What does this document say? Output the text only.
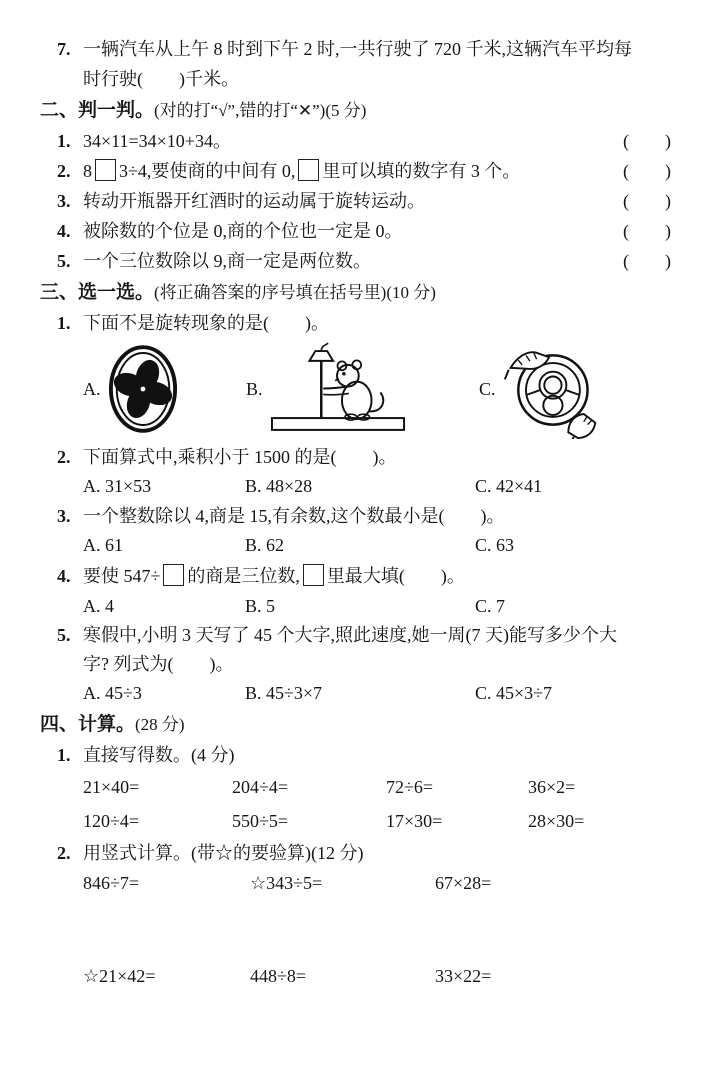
7. 一辆汽车从上午 8 时到下午 2 时,一共行驶了 720 千米,这辆汽车平均每
时行驶(　　)千米。
二、判一判。(对的打“√”,错的打“✕”)(5 分)
1. 34×11=34×10+34。	(　　)
2. 8 3÷4,要使商的中间有 0, 里可以填的数字有 3 个。	(　　)
3. 转动开瓶器开红酒时的运动属于旋转运动。	(　　)
4. 被除数的个位是 0,商的个位也一定是 0。	(　　)
5. 一个三位数除以 9,商一定是两位数。	(　　)
三、选一选。(将正确答案的序号填在括号里)(10 分)
1. 下面不是旋转现象的是(　　)。
A.	B.	C.
2. 下面算式中,乘积小于 1500 的是(　　)。
A. 31×53	B. 48×28	C. 42×41
3. 一个整数除以 4,商是 15,有余数,这个数最小是(　　)。
A. 61	B. 62	C. 63
4. 要使 547÷ 的商是三位数, 里最大填(　　)。
A. 4	B. 5	C. 7
5. 寒假中,小明 3 天写了 45 个大字,照此速度,她一周(7 天)能写多少个大
字? 列式为(　　)。
A. 45÷3	B. 45÷3×7	C. 45×3÷7
四、计算。(28 分)
1. 直接写得数。(4 分)
21×40=	204÷4=	72÷6=	36×2=
120÷4=	550÷5=	17×30=	28×30=
2. 用竖式计算。(带☆的要验算)(12 分)
846÷7=	☆343÷5=	67×28=
☆21×42=	448÷8=	33×22=
